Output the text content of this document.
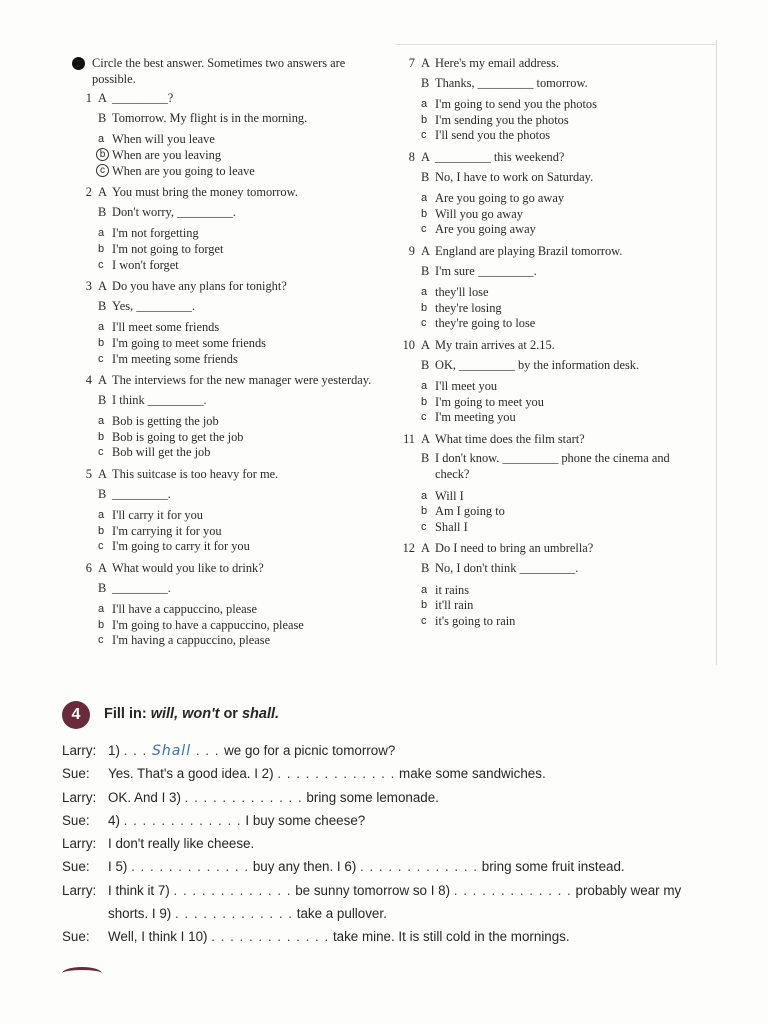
Circle the best answer. Sometimes two answers are possible.
1 A _________?
B Tomorrow. My flight is in the morning.
a When will you leave
b When are you leaving
c When are you going to leave
2 A You must bring the money tomorrow.
B Don't worry, _________.
a I'm not forgetting
b I'm not going to forget
c I won't forget
3 A Do you have any plans for tonight?
B Yes, _________.
a I'll meet some friends
b I'm going to meet some friends
c I'm meeting some friends
4 A The interviews for the new manager were yesterday.
B I think _________.
a Bob is getting the job
b Bob is going to get the job
c Bob will get the job
5 A This suitcase is too heavy for me.
B _________.
a I'll carry it for you
b I'm carrying it for you
c I'm going to carry it for you
6 A What would you like to drink?
B _________.
a I'll have a cappuccino, please
b I'm going to have a cappuccino, please
c I'm having a cappuccino, please
7 A Here's my email address.
B Thanks, _________ tomorrow.
a I'm going to send you the photos
b I'm sending you the photos
c I'll send you the photos
8 A _________ this weekend?
B No, I have to work on Saturday.
a Are you going to go away
b Will you go away
c Are you going away
9 A England are playing Brazil tomorrow.
B I'm sure _________.
a they'll lose
b they're losing
c they're going to lose
10 A My train arrives at 2.15.
B OK, _________ by the information desk.
a I'll meet you
b I'm going to meet you
c I'm meeting you
11 A What time does the film start?
B I don't know. _________ phone the cinema and check?
a Will I
b Am I going to
c Shall I
12 A Do I need to bring an umbrella?
B No, I don't think _________.
a it rains
b it'll rain
c it's going to rain
4	Fill in: will, won't or shall.
Larry: 1) . . . Shall . . . we go for a picnic tomorrow?
Sue:	Yes. That's a good idea. I 2) . . . . . . . . . . . . . make some sandwiches.
Larry: OK. And I 3) . . . . . . . . . . . . . bring some lemonade.
Sue:	4) . . . . . . . . . . . . . I buy some cheese?
Larry: I don't really like cheese.
Sue:	I 5) . . . . . . . . . . . . . buy any then. I 6) . . . . . . . . . . . . . bring some fruit instead.
Larry: I think it 7) . . . . . . . . . . . . . be sunny tomorrow so I 8) . . . . . . . . . . . . . probably wear my
shorts. I 9) . . . . . . . . . . . . . take a pullover.
Sue:	Well, I think I 10) . . . . . . . . . . . . . take mine. It is still cold in the mornings.
